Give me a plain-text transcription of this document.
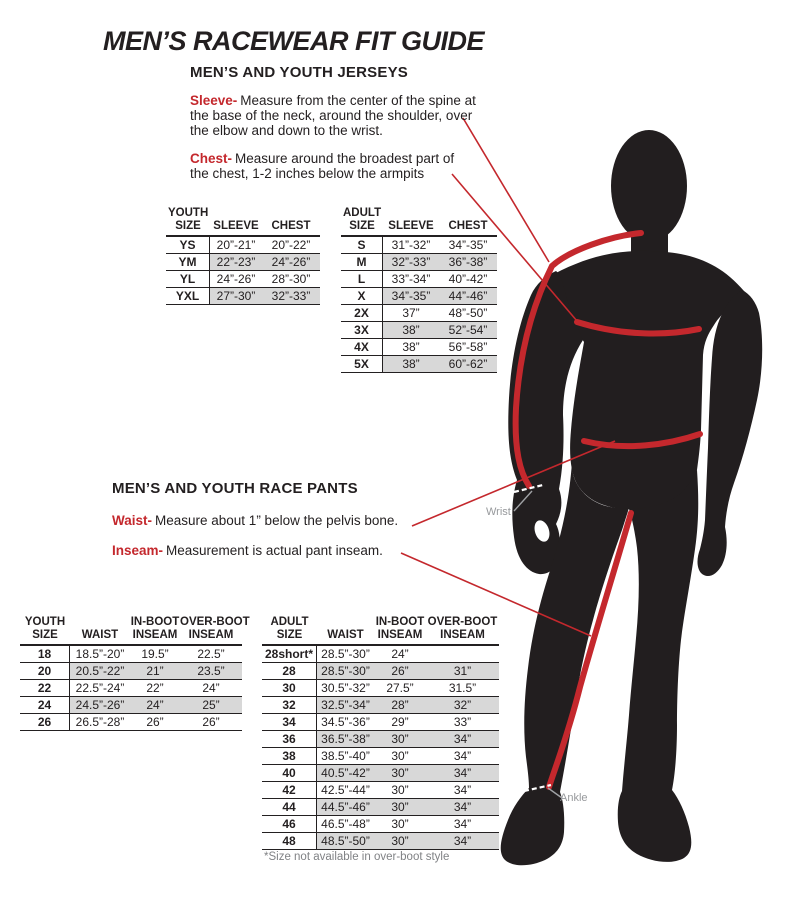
MEN’S RACEWEAR FIT GUIDE
MEN’S AND YOUTH JERSEYS
Sleeve- Measure from the center of the spine at the base of the neck, around the shoulder, over the elbow and down to the wrist.
Chest- Measure around the broadest part of the chest, 1-2 inches below the armpits
YOUTH
SIZE
	SLEEVE
	CHEST
YS	20”-21”	20”-22”
YM	22”-23”	24”-26”
YL	24”-26”	28”-30”
YXL	27”-30”	32”-33”
ADULT
SIZE
	SLEEVE
	CHEST
S	31”-32”	34”-35”
M	32”-33”	36”-38”
L	33”-34”	40”-42”
X	34”-35”	44”-46”
2X	37”	48”-50”
3X	38”	52”-54”
4X	38”	56”-58”
5X	38”	60”-62”
MEN’S AND YOUTH RACE PANTS
Waist- Measure about 1” below the pelvis bone.
Inseam- Measurement is actual pant inseam.
YOUTH
SIZE
	WAIST
IN-BOOT
INSEAM
OVER-BOOT
INSEAM
18	18.5”-20”	19.5”	22.5”
20	20.5”-22”	21”	23.5”
22	22.5”-24”	22”	24”
24	24.5”-26”	24”	25”
26	26.5”-28”	26”	26”
ADULT
SIZE
	WAIST
IN-BOOT
INSEAM
OVER-BOOT
INSEAM
28short* 28.5”-30”	24”
28	28.5”-30”	26”	31”
30	30.5”-32”	27.5”	31.5”
32	32.5”-34”	28”	32”
34	34.5”-36”	29”	33”
36	36.5”-38”	30”	34”
38	38.5”-40”	30”	34”
40	40.5”-42”	30”	34”
42	42.5”-44”	30”	34”
44	44.5”-46”	30”	34”
46	46.5”-48”	30”	34”
48	48.5”-50”	30”	34”
*Size not available in over-boot style
Wrist
Ankle
